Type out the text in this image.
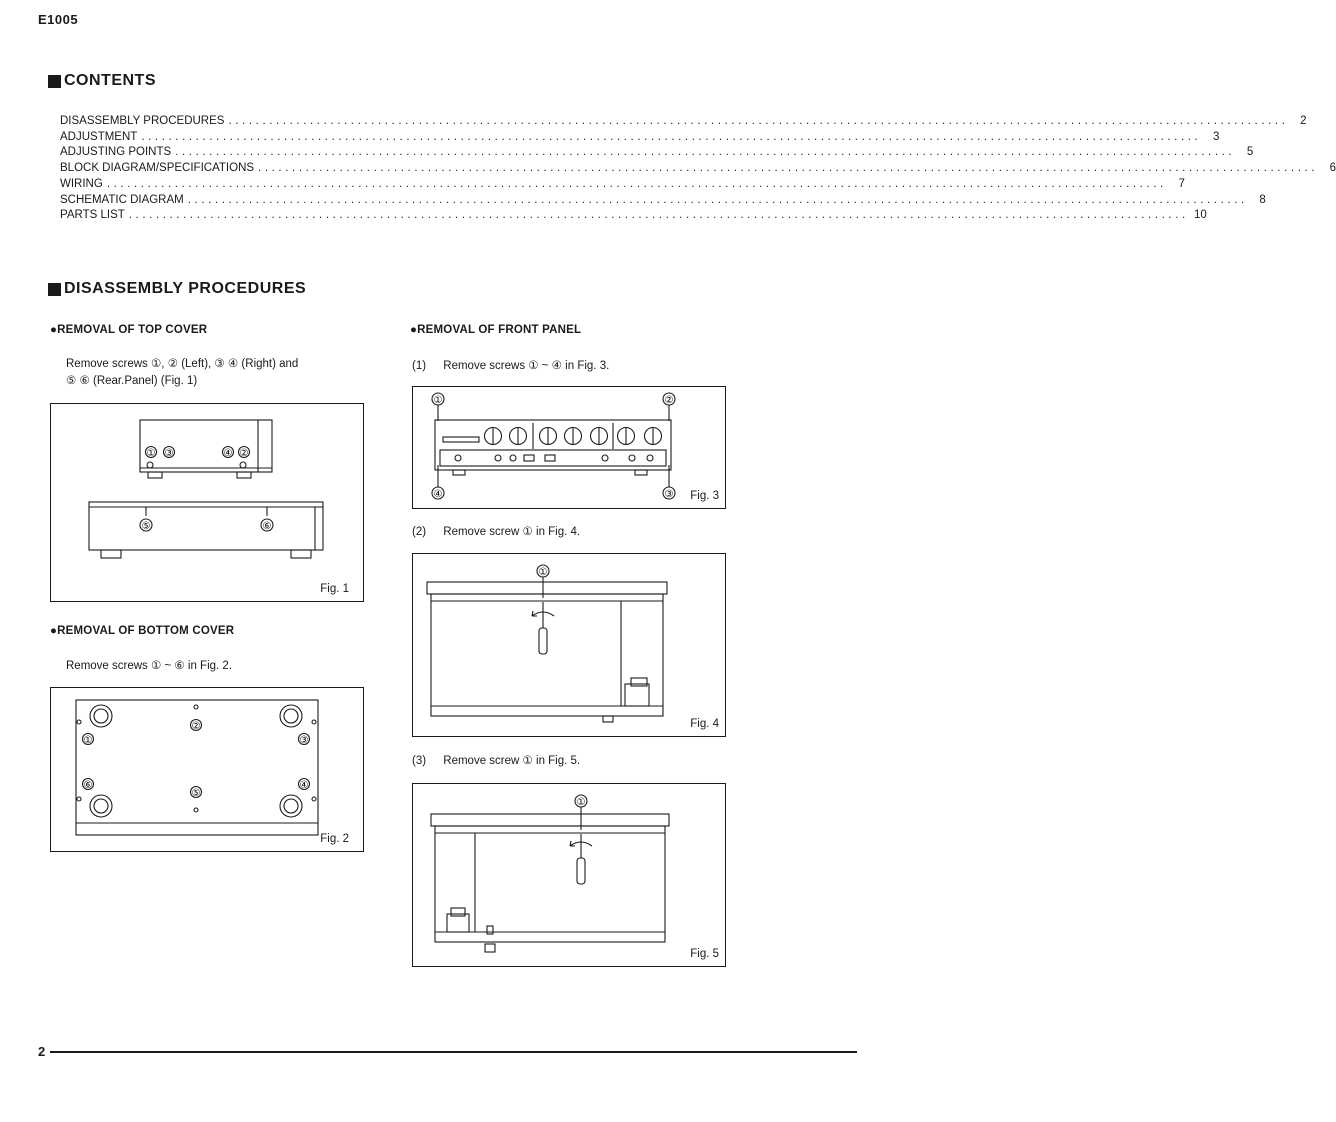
E1005
CONTENTS
DISASSEMBLY PROCEDURES ............................................................................................................................................................	2
ADJUSTMENT ............................................................................................................................................................	3
ADJUSTING POINTS ............................................................................................................................................................	5
BLOCK DIAGRAM/SPECIFICATIONS ............................................................................................................................................................	6
WIRING ............................................................................................................................................................	7
SCHEMATIC DIAGRAM ............................................................................................................................................................	8
PARTS LIST ............................................................................................................................................................ 10
DISASSEMBLY PROCEDURES
●REMOVAL OF TOP COVER
Remove screws ①, ② (Left), ③ ④ (Right) and
⑤ ⑥ (Rear.Panel) (Fig. 1)
① ③	④ ②
⑤	⑥
Fig. 1
●REMOVAL OF BOTTOM COVER
Remove screws ① ~ ⑥ in Fig. 2.
①
②
③
④
⑤
⑥
Fig. 2
●REMOVAL OF FRONT PANEL
(1) Remove screws ① ~ ④ in Fig. 3.
①	②
③
④	Fig. 3
(2) Remove screw ① in Fig. 4.
①
Fig. 4
(3) Remove screw ① in Fig. 5.
①
Fig. 5
2
